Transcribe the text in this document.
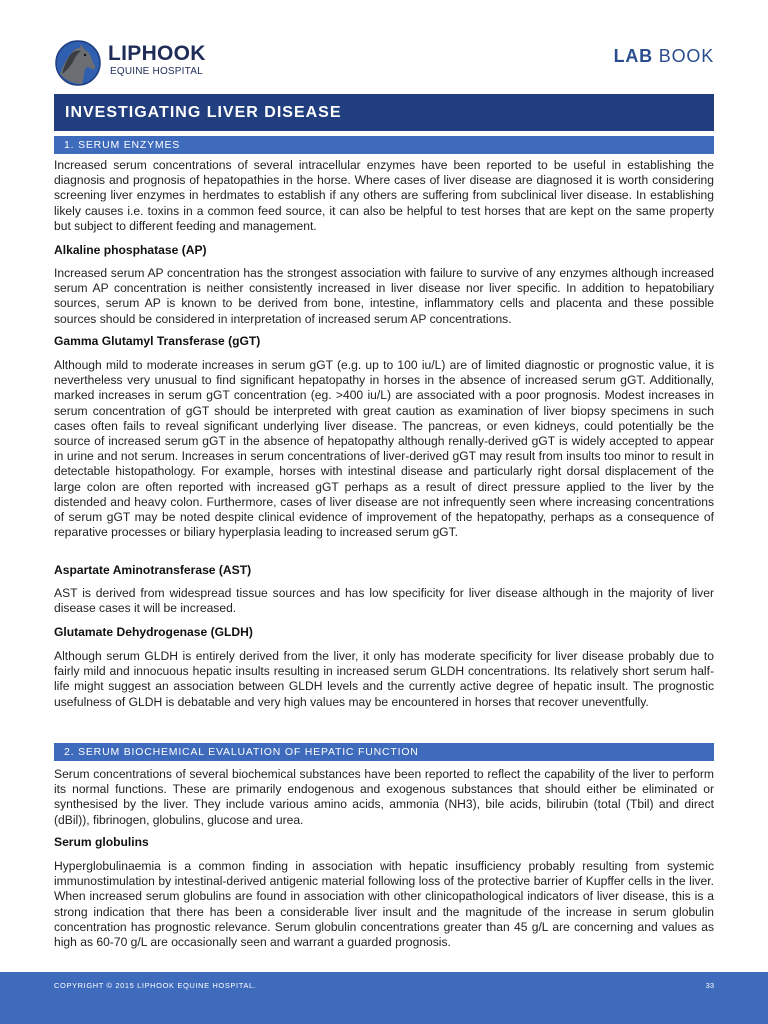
LIPHOOK
EQUINE HOSPITAL
LAB BOOK
INVESTIGATING LIVER DISEASE
1. SERUM ENZYMES

Increased serum concentrations of several intracellular enzymes have been reported to be useful in establishing the diagnosis and prognosis of hepatopathies in the horse. Where cases of liver disease are diagnosed it is worth considering screening liver enzymes in herdmates to establish if any others are suffering from subclinical liver disease. In establishing likely causes i.e. toxins in a common feed source, it can also be helpful to test horses that are kept on the same property but subject to different feeding and management.

Alkaline phosphatase (AP)

Increased serum AP concentration has the strongest association with failure to survive of any enzymes although increased serum AP concentration is neither consistently increased in liver disease nor liver specific. In addition to hepatobiliary sources, serum AP is known to be derived from bone, intestine, inflammatory cells and placenta and these possible sources should be considered in interpretation of increased serum AP concentrations.

Gamma Glutamyl Transferase (gGT)

Although mild to moderate increases in serum gGT (e.g. up to 100 iu/L) are of limited diagnostic or prognostic value, it is nevertheless very unusual to find significant hepatopathy in horses in the absence of increased serum gGT. Additionally, marked increases in serum gGT concentration (eg. >400 iu/L) are associated with a poor prognosis. Modest increases in serum concentration of gGT should be interpreted with great caution as examination of liver biopsy specimens in such cases often fails to reveal significant underlying liver disease. The pancreas, or even kidneys, could potentially be the source of increased serum gGT in the absence of hepatopathy although renally-derived gGT is widely accepted to appear in urine and not serum. Increases in serum concentrations of liver-derived gGT may result from insults too minor to result in detectable histopathology. For example, horses with intestinal disease and particularly right dorsal displacement of the large colon are often reported with increased gGT perhaps as a result of direct pressure applied to the liver by the distended and heavy colon. Furthermore, cases of liver disease are not infrequently seen where increasing concentrations of serum gGT may be noted despite clinical evidence of improvement of the hepatopathy, perhaps as a consequence of reparative processes or biliary hyperplasia leading to increased serum gGT.

Aspartate Aminotransferase (AST)

AST is derived from widespread tissue sources and has low specificity for liver disease although in the majority of liver disease cases it will be increased.

Glutamate Dehydrogenase (GLDH)

Although serum GLDH is entirely derived from the liver, it only has moderate specificity for liver disease probably due to fairly mild and innocuous hepatic insults resulting in increased serum GLDH concentrations. Its relatively short serum half-life might suggest an association between GLDH levels and the currently active degree of hepatic insult. The prognostic usefulness of GLDH is debatable and very high values may be encountered in horses that recover uneventfully.

2. SERUM BIOCHEMICAL EVALUATION OF HEPATIC FUNCTION

Serum concentrations of several biochemical substances have been reported to reflect the capability of the liver to perform its normal functions. These are primarily endogenous and exogenous substances that should either be eliminated or synthesised by the liver. They include various amino acids, ammonia (NH3), bile acids, bilirubin (total (Tbil) and direct (dBil)), fibrinogen, globulins, glucose and urea.

Serum globulins

Hyperglobulinaemia is a common finding in association with hepatic insufficiency probably resulting from systemic immunostimulation by intestinal-derived antigenic material following loss of the protective barrier of Kupffer cells in the liver. When increased serum globulins are found in association with other clinicopathological indicators of liver disease, this is a strong indication that there has been a considerable liver insult and the magnitude of the increase in serum globulin concentration has prognostic relevance. Serum globulin concentrations greater than 45 g/L are concerning and values as high as 60-70 g/L are occasionally seen and warrant a guarded prognosis.

COPYRIGHT © 2015 LIPHOOK EQUINE HOSPITAL.	33
